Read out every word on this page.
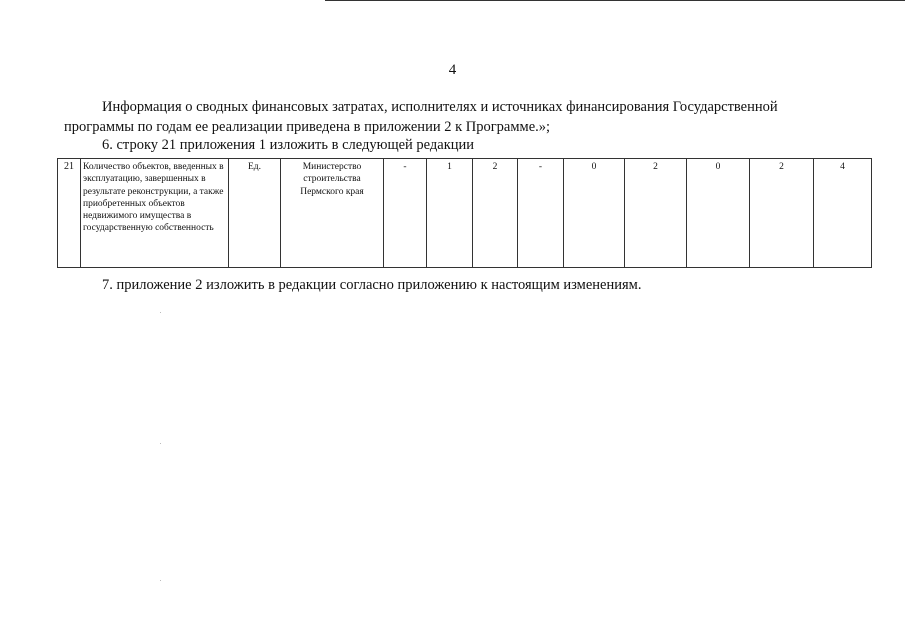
4
Информация о сводных финансовых затратах, исполнителях и источниках финансирования Государственной
программы по годам ее реализации приведена в приложении 2 к Программе.»;
6. строку 21 приложения 1 изложить в следующей редакции
21	Количество объектов, введенных в эксплуатацию, завершенных в результате реконструкции, а также приобретенных объектов недвижимого имущества в государственную собственность	Ед.	Министерство строительства Пермского края	-	1	2	-	0	2	0	2	4
7. приложение 2 изложить в редакции согласно приложению к настоящим изменениям.
